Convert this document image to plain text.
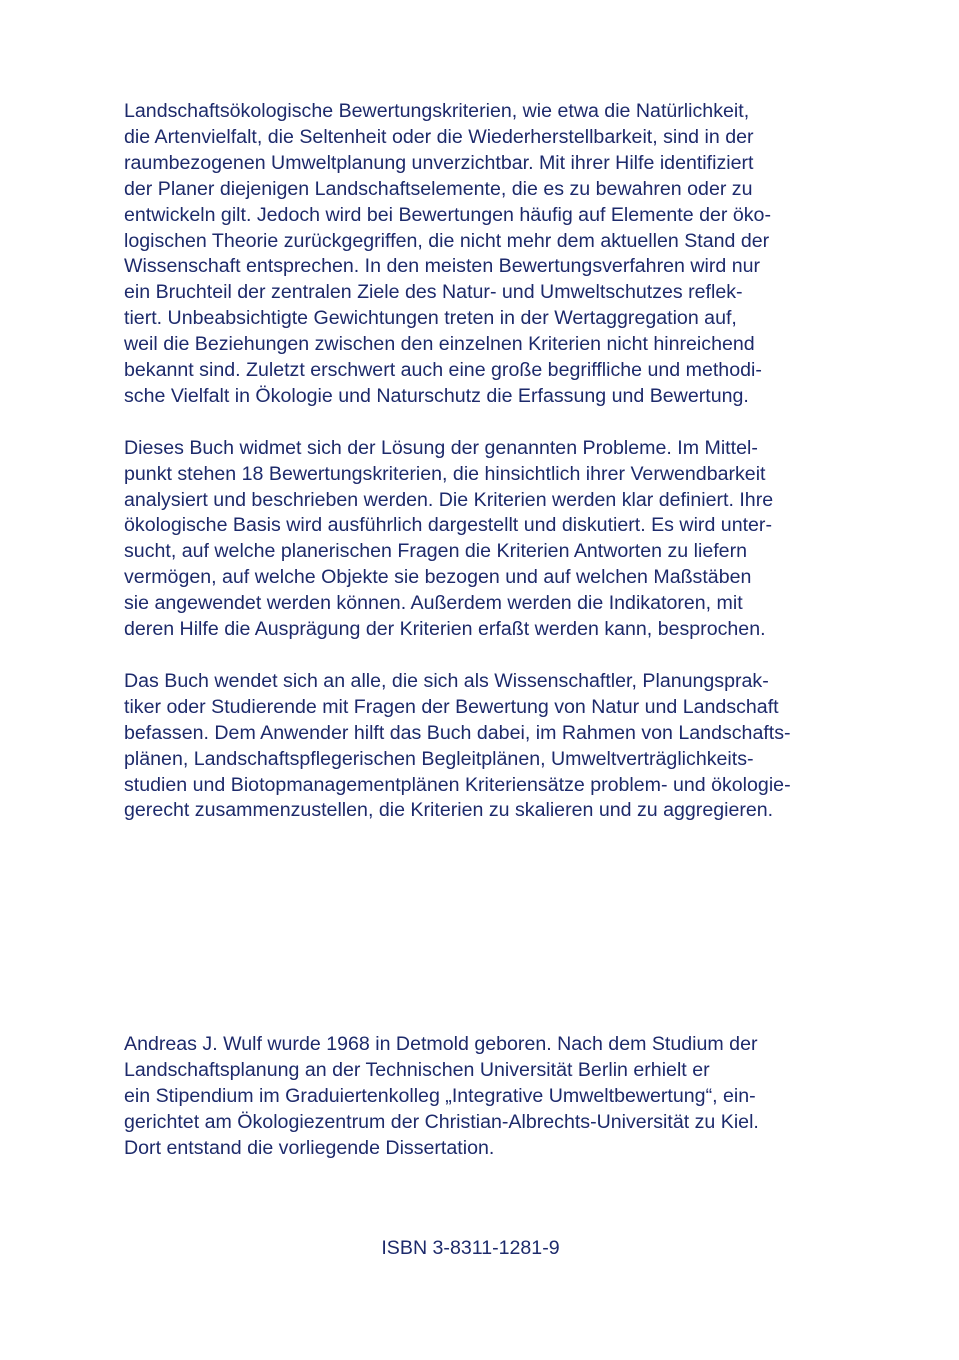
Landschaftsökologische Bewertungskriterien, wie etwa die Natürlichkeit,
die Artenvielfalt, die Seltenheit oder die Wiederherstellbarkeit, sind in der
raumbezogenen Umweltplanung unverzichtbar. Mit ihrer Hilfe identifiziert
der Planer diejenigen Landschaftselemente, die es zu bewahren oder zu
entwickeln gilt. Jedoch wird bei Bewertungen häufig auf Elemente der öko-
logischen Theorie zurückgegriffen, die nicht mehr dem aktuellen Stand der
Wissenschaft entsprechen. In den meisten Bewertungsverfahren wird nur
ein Bruchteil der zentralen Ziele des Natur- und Umweltschutzes reflek-
tiert. Unbeabsichtigte Gewichtungen treten in der Wertaggregation auf,
weil die Beziehungen zwischen den einzelnen Kriterien nicht hinreichend
bekannt sind. Zuletzt erschwert auch eine große begriffliche und methodi-
sche Vielfalt in Ökologie und Naturschutz die Erfassung und Bewertung.

Dieses Buch widmet sich der Lösung der genannten Probleme. Im Mittel-
punkt stehen 18 Bewertungskriterien, die hinsichtlich ihrer Verwendbarkeit
analysiert und beschrieben werden. Die Kriterien werden klar definiert. Ihre
ökologische Basis wird ausführlich dargestellt und diskutiert. Es wird unter-
sucht, auf welche planerischen Fragen die Kriterien Antworten zu liefern
vermögen, auf welche Objekte sie bezogen und auf welchen Maßstäben
sie angewendet werden können. Außerdem werden die Indikatoren, mit
deren Hilfe die Ausprägung der Kriterien erfaßt werden kann, besprochen.

Das Buch wendet sich an alle, die sich als Wissenschaftler, Planungsprak-
tiker oder Studierende mit Fragen der Bewertung von Natur und Landschaft
befassen. Dem Anwender hilft das Buch dabei, im Rahmen von Landschafts-
plänen, Landschaftspflegerischen Begleitplänen, Umweltverträglichkeits-
studien und Biotopmanagementplänen Kriteriensätze problem- und ökologie-
gerecht zusammenzustellen, die Kriterien zu skalieren und zu aggregieren.

Andreas J. Wulf wurde 1968 in Detmold geboren. Nach dem Studium der
Landschaftsplanung an der Technischen Universität Berlin erhielt er
ein Stipendium im Graduiertenkolleg „Integrative Umweltbewertung“, ein-
gerichtet am Ökologiezentrum der Christian-Albrechts-Universität zu Kiel.
Dort entstand die vorliegende Dissertation.
ISBN 3-8311-1281-9
